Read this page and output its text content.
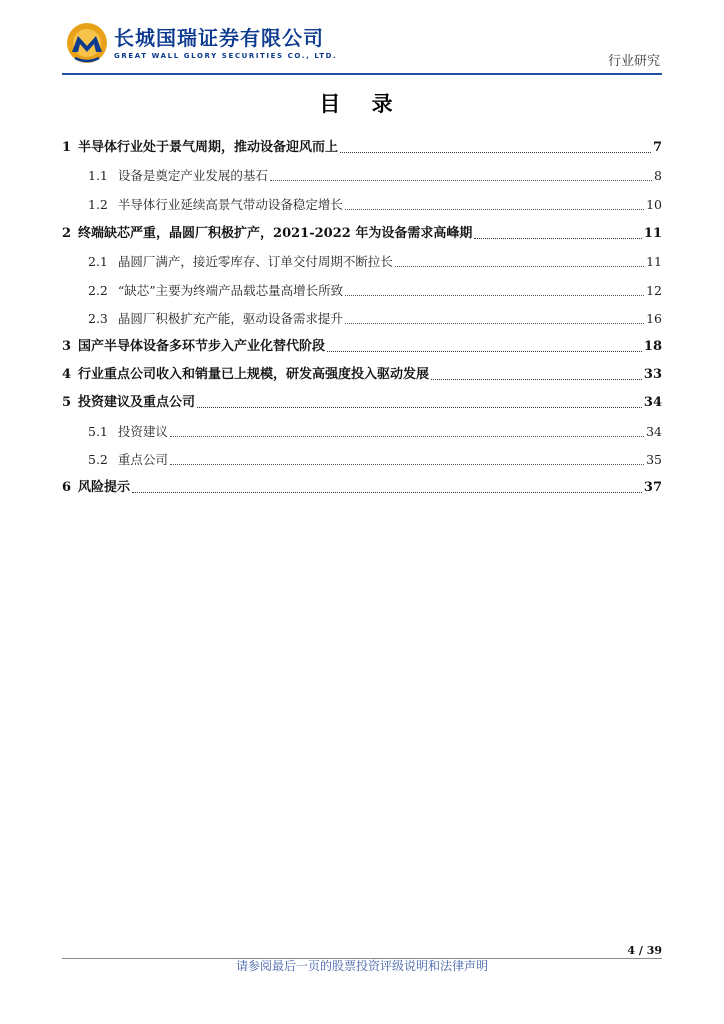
长城国瑞证券有限公司
GREAT WALL GLORY SECURITIES CO., LTD.	行业研究
目 录
1 半导体行业处于景气周期，推动设备迎风而上	7
1.1 设备是奠定产业发展的基石	8
1.2 半导体行业延续高景气带动设备稳定增长	10
2 终端缺芯严重，晶圆厂积极扩产，2021-2022 年为设备需求高峰期	11
2.1 晶圆厂满产，接近零库存、订单交付周期不断拉长	11
2.2 “缺芯”主要为终端产品载芯量高增长所致	12
2.3 晶圆厂积极扩充产能，驱动设备需求提升	16
3 国产半导体设备多环节步入产业化替代阶段	18
4 行业重点公司收入和销量已上规模，研发高强度投入驱动发展	33
5 投资建议及重点公司	34
5.1 投资建议	34
5.2 重点公司	35
6 风险提示	37
4 / 39
请参阅最后一页的股票投资评级说明和法律声明
